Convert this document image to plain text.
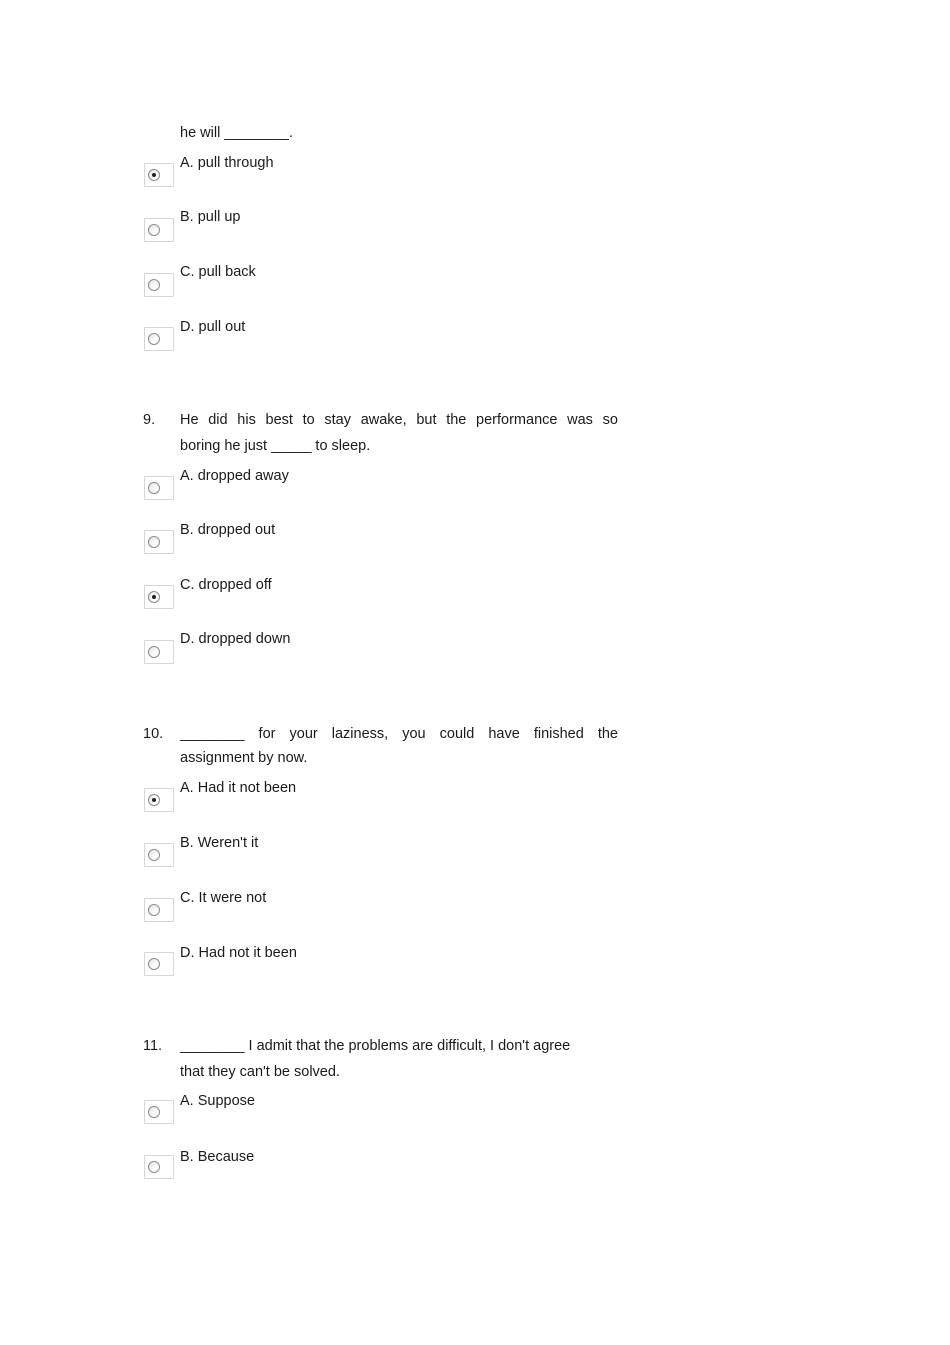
he will ________.
A. pull through
B. pull up
C. pull back
D. pull out
9. He did his best to stay awake, but the performance was so
boring he just _____ to sleep.
A. dropped away
B. dropped out
C. dropped off
D. dropped down
10. ________ for your laziness, you could have finished the
assignment by now.
A. Had it not been
B. Weren't it
C. It were not
D. Had not it been
11. ________ I admit that the problems are difficult, I don't agree
that they can't be solved.
A. Suppose
B. Because
